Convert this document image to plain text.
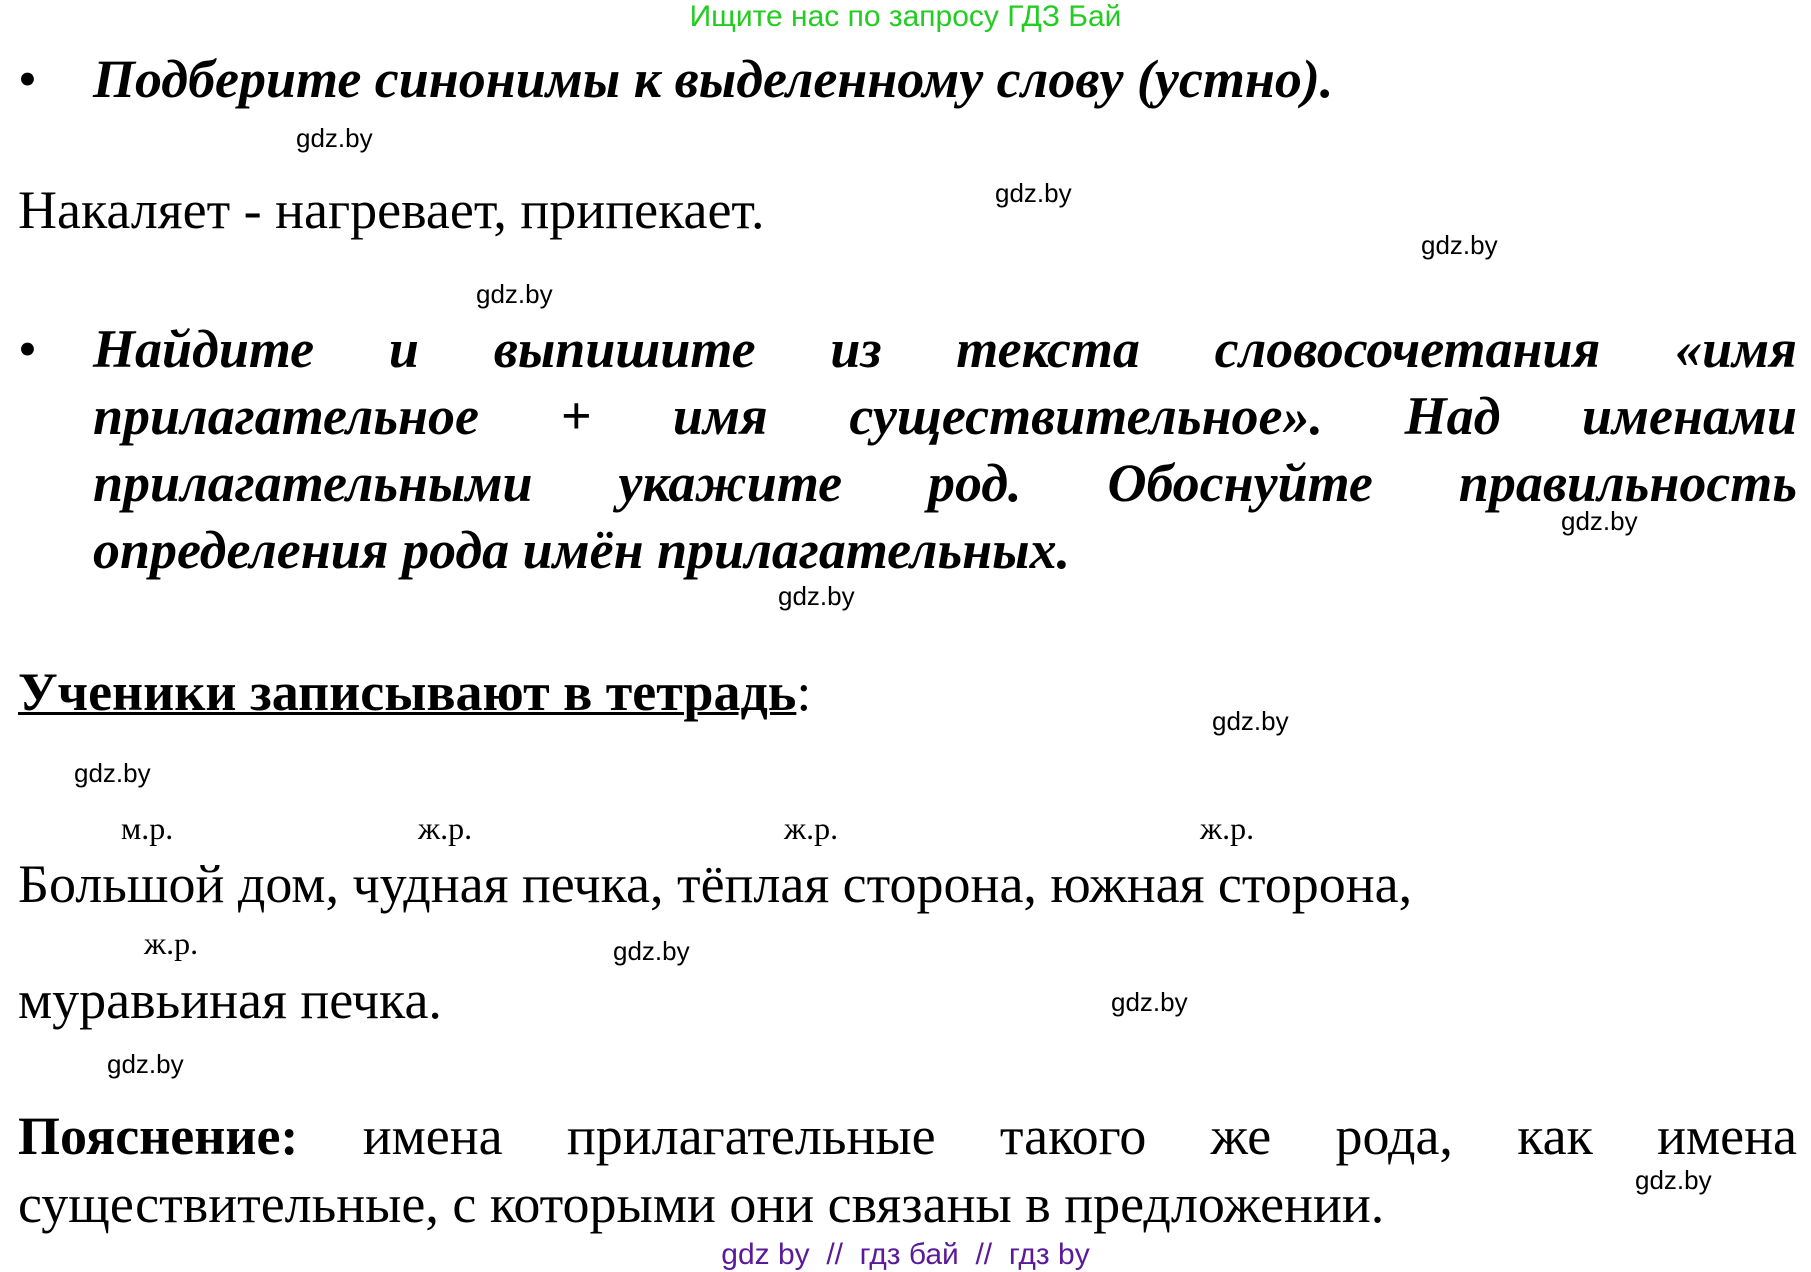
Ищите нас по запросу ГДЗ Бай
•	Подберите синонимы к выделенному слову (устно).
Накаляет - нагревает, припекает.
•	Найдите и выпишите из текста словосочетания «имя прилагательное + имя существительное». Над именами прилагательными укажите род. Обоснуйте правильность определения рода имён прилагательных.
Ученики записывают в тетрадь:
м.р.	ж.р.	ж.р.	ж.р.
Большой дом, чудная печка, тёплая сторона, южная сторона,
ж.р.
муравьиная печка.
Пояснение: имена прилагательные такого же рода, как имена существительные, с которыми они связаны в предложении.
gdz.by
gdz.by
gdz.by
gdz.by
gdz.by
gdz.by
gdz.by
gdz.by
gdz.by
gdz.by
gdz.by
gdz.by
gdz by  //  гдз бай  //  гдз by
